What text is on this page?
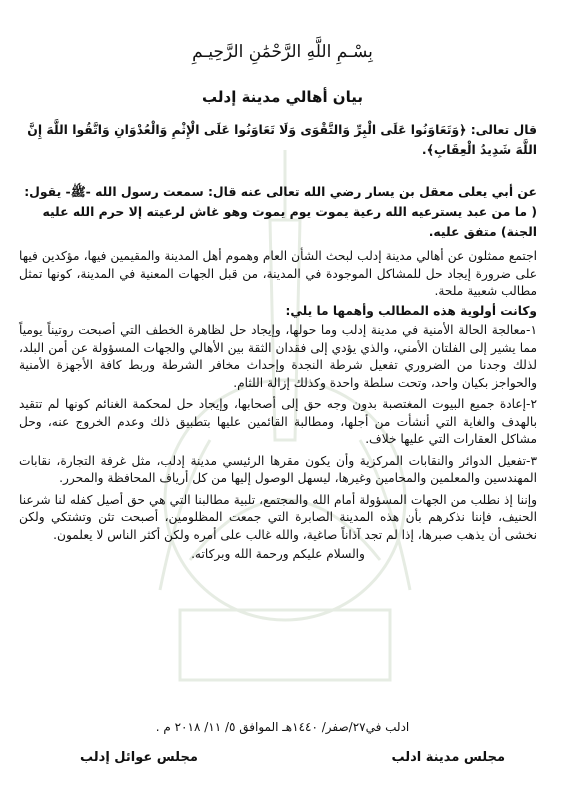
بِسْـمِ اللَّهِ الرَّحْمَٰنِ الرَّحِيـمِ
بيان أهالي مدينة إدلب
قال تعالى: ﴿وَتَعَاوَنُوا عَلَى الْبِرِّ وَالتَّقْوَى وَلَا تَعَاوَنُوا عَلَى الْإِثْمِ وَالْعُدْوَانِ وَاتَّقُوا اللَّهَ إِنَّ اللَّهَ شَدِيدُ الْعِقَابِ﴾.
عن أبي يعلى معقل بن يسار رضي الله تعالى عنه قال: سمعت رسول الله -ﷺ- يقول: ( ما من عبد يسترعيه الله رعية يموت يوم يموت وهو غاش لرعيته إلا حرم الله عليه الجنة) متفق عليه.

اجتمع ممثلون عن أهالي مدينة إدلب لبحث الشأن العام وهموم أهل المدينة والمقيمين فيها، مؤكدين فيها على ضرورة إيجاد حل للمشاكل الموجودة في المدينة، من قبل الجهات المعنية في المدينة، كونها تمثل مطالب شعبية ملحة.

وكانت أولوية هذه المطالب وأهمها ما يلي:

١-معالجة الحالة الأمنية في مدينة إدلب وما حولها، وإيجاد حل لظاهرة الخطف التي أصبحت روتيناً يومياً مما يشير إلى الفلتان الأمني، والذي يؤدي إلى فقدان الثقة بين الأهالي والجهات المسؤولة عن أمن البلد، لذلك وجدنا من الضروري تفعيل شرطة النجدة وإحداث مخافر الشرطة وربط كافة الأجهزة الأمنية والحواجز بكيان واحد، وتحت سلطة واحدة وكذلك إزالة اللثام.

٢-إعادة جميع البيوت المغتصبة بدون وجه حق إلى أصحابها، وإيجاد حل لمحكمة الغنائم كونها لم تتقيد بالهدف والغاية التي أنشأت من أجلها، ومطالبة القائمين عليها بتطبيق ذلك وعدم الخروج عنه، وحل مشاكل العقارات التي عليها خلاف.

٣-تفعيل الدوائر والنقابات المركزية وأن يكون مقرها الرئيسي مدينة إدلب، مثل غرفة التجارة، نقابات المهندسين والمعلمين والمحامين وغيرها، ليسهل الوصول إليها من كل أرياف المحافظة والمحرر.

وإننا إذ نطلب من الجهات المسؤولة أمام الله والمجتمع، تلبية مطالبنا التي هي حق أصيل كفله لنا شرعنا الحنيف، فإننا نذكرهم بأن هذه المدينة الصابرة التي جمعت المظلومين، أصبحت تئن وتشتكي ولكن نخشى أن يذهب صبرها، إذا لم تجد آذاناً صاغية، والله غالب على أمره ولكن أكثر الناس لا يعلمون.

والسلام عليكم ورحمة الله وبركاته.

ادلب في٢٧/صفر/ ١٤٤٠هـ الموافق ٥/ ١١/ ٢٠١٨ م .
مجلس مدينة ادلب
مجلس عوائل إدلب
